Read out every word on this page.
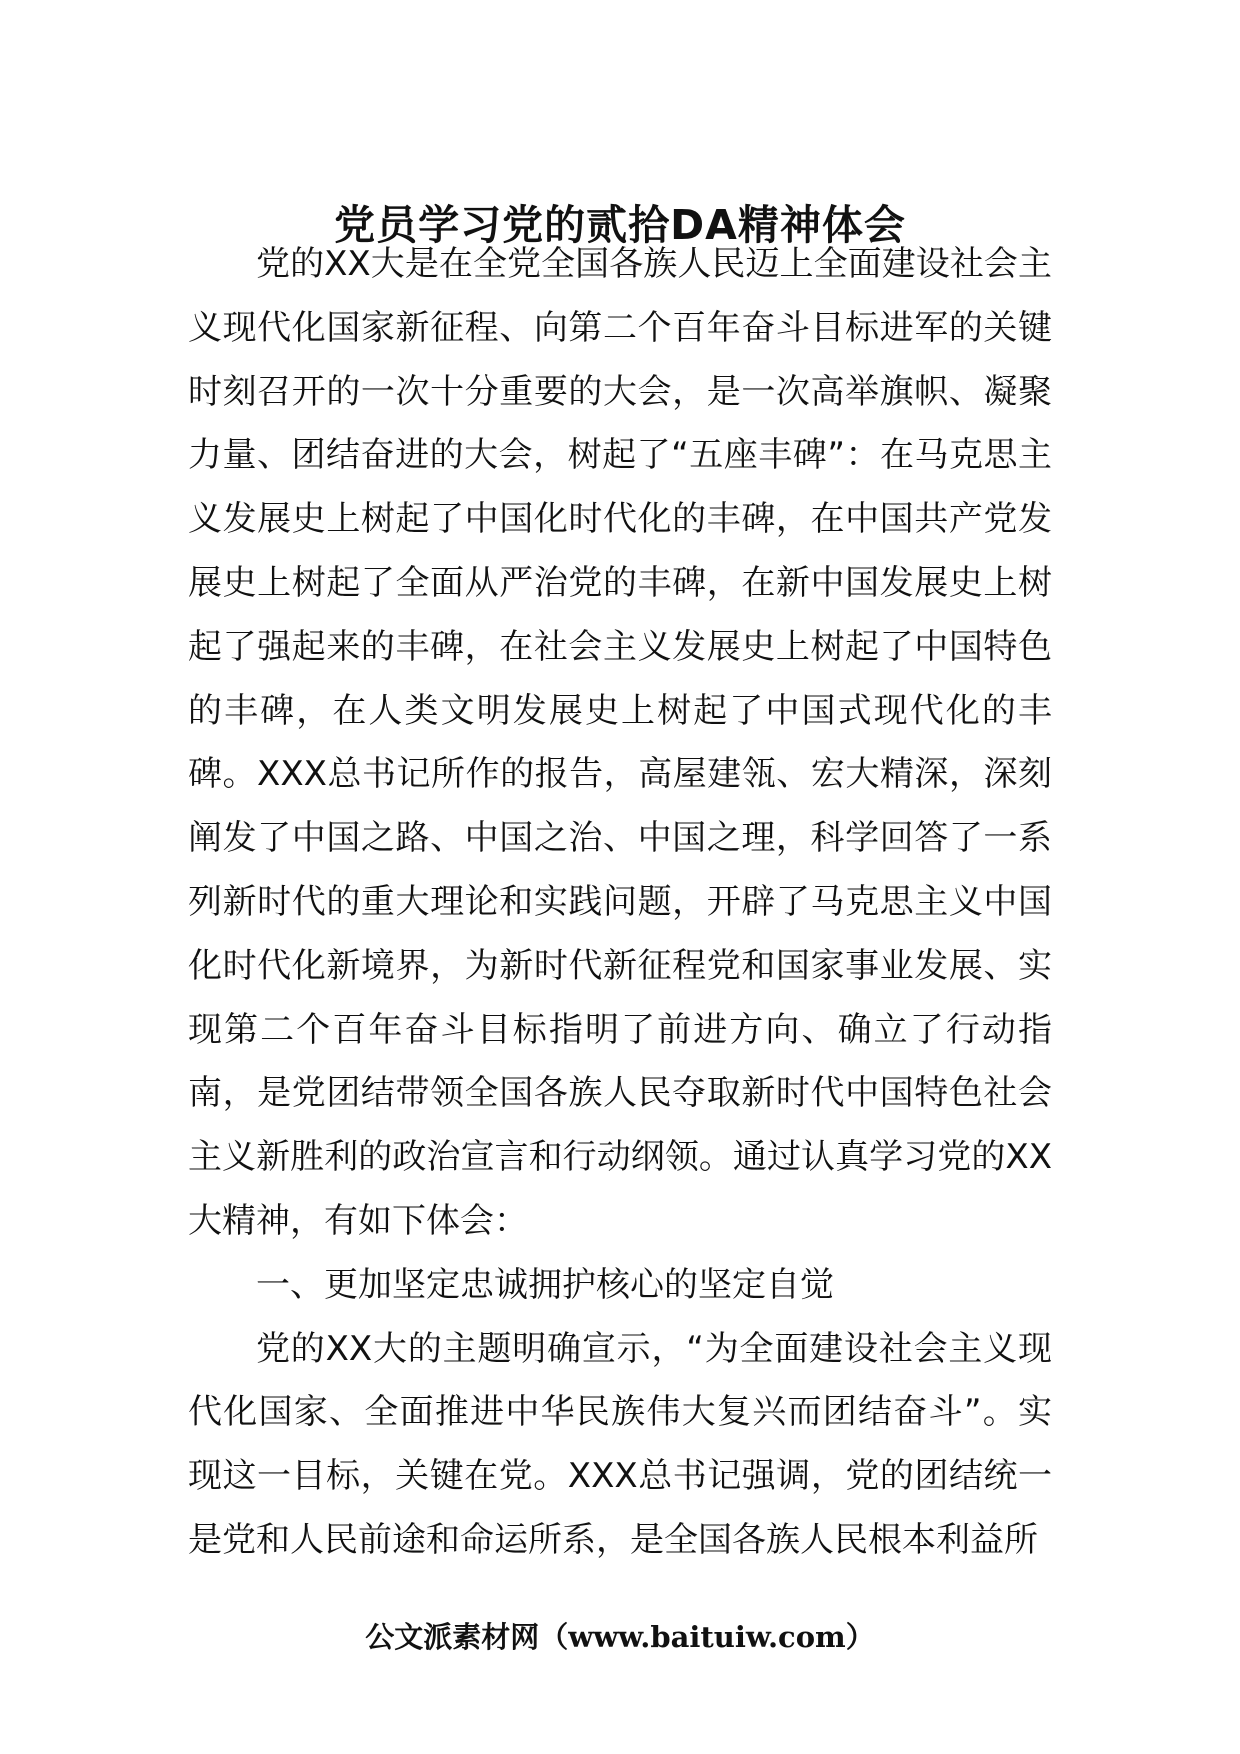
党员学习党的贰拾DA精神体会

党的XX大是在全党全国各族人民迈上全面建设社会主义现代化国家新征程、向第二个百年奋斗目标进军的关键时刻召开的一次十分重要的大会，是一次高举旗帜、凝聚力量、团结奋进的大会，树起了“五座丰碑”：在马克思主义发展史上树起了中国化时代化的丰碑，在中国共产党发展史上树起了全面从严治党的丰碑，在新中国发展史上树起了强起来的丰碑，在社会主义发展史上树起了中国特色的丰碑，在人类文明发展史上树起了中国式现代化的丰碑。XXX总书记所作的报告，高屋建瓴、宏大精深，深刻阐发了中国之路、中国之治、中国之理，科学回答了一系列新时代的重大理论和实践问题，开辟了马克思主义中国化时代化新境界，为新时代新征程党和国家事业发展、实现第二个百年奋斗目标指明了前进方向、确立了行动指南，是党团结带领全国各族人民夺取新时代中国特色社会主义新胜利的政治宣言和行动纲领。通过认真学习党的XX大精神，有如下体会：

一、更加坚定忠诚拥护核心的坚定自觉

党的XX大的主题明确宣示，“为全面建设社会主义现代化国家、全面推进中华民族伟大复兴而团结奋斗”。实现这一目标，关键在党。XXX总书记强调，党的团结统一是党和人民前途和命运所系，是全国各族人民根本利益所

公文派素材网（www.baituiw.com）
